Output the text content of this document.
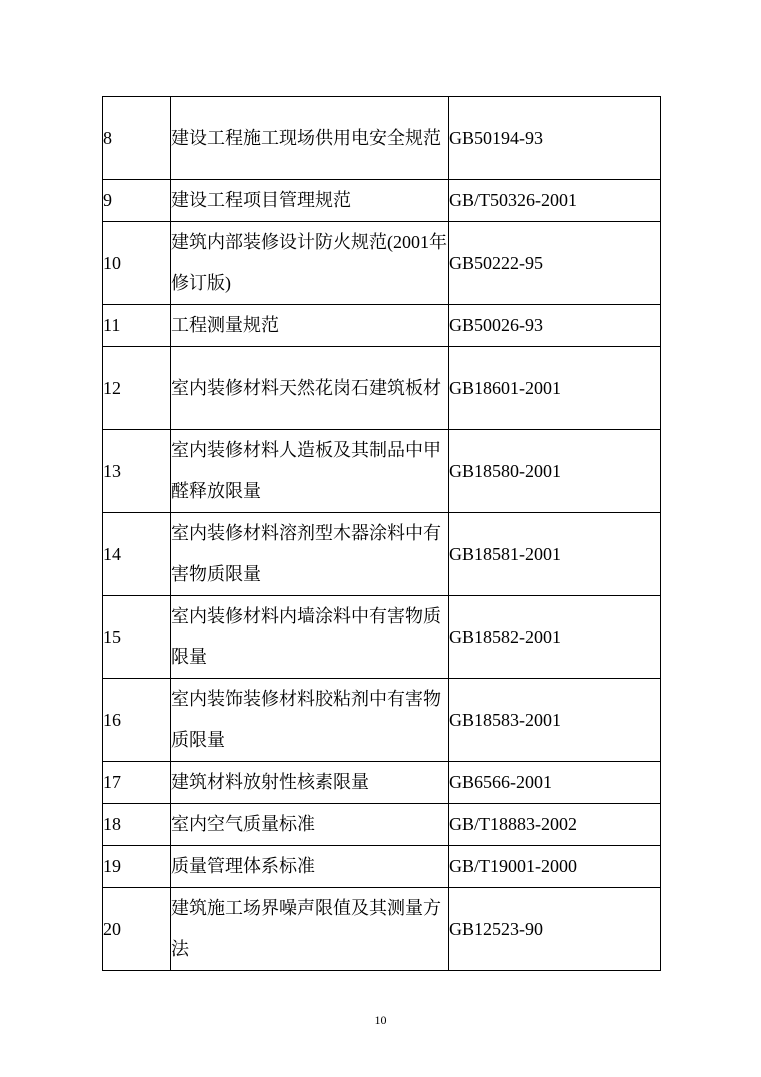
8	建设工程施工现场供用电安全规范	GB50194-93
9	建设工程项目管理规范	GB/T50326-2001
10	建筑内部装修设计防火规范(2001年修订版)	GB50222-95
11	工程测量规范	GB50026-93
12	室内装修材料天然花岗石建筑板材	GB18601-2001
13	室内装修材料人造板及其制品中甲醛释放限量	GB18580-2001
14	室内装修材料溶剂型木器涂料中有害物质限量	GB18581-2001
15	室内装修材料内墙涂料中有害物质限量	GB18582-2001
16	室内装饰装修材料胶粘剂中有害物质限量	GB18583-2001
17	建筑材料放射性核素限量	GB6566-2001
18	室内空气质量标准	GB/T18883-2002
19	质量管理体系标准	GB/T19001-2000
20	建筑施工场界噪声限值及其测量方法	GB12523-90
10
